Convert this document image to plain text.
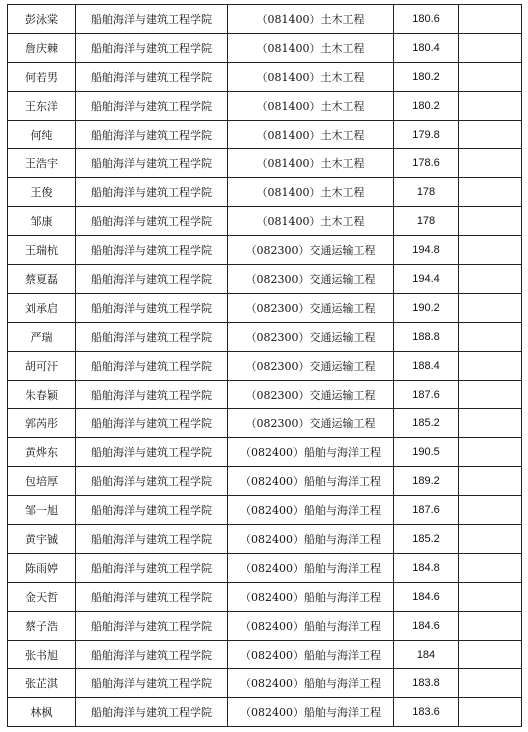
彭泳棠	船舶海洋与建筑工程学院	（081400）土木工程	180.6	
詹庆棘	船舶海洋与建筑工程学院	（081400）土木工程	180.4	
何若男	船舶海洋与建筑工程学院	（081400）土木工程	180.2	
王东洋	船舶海洋与建筑工程学院	（081400）土木工程	180.2	
何纯	船舶海洋与建筑工程学院	（081400）土木工程	179.8	
王浩宇	船舶海洋与建筑工程学院	（081400）土木工程	178.6	
王俊	船舶海洋与建筑工程学院	（081400）土木工程	178	
邹康	船舶海洋与建筑工程学院	（081400）土木工程	178	
王瑞杭	船舶海洋与建筑工程学院	（082300）交通运输工程	194.8	
蔡夏磊	船舶海洋与建筑工程学院	（082300）交通运输工程	194.4	
刘承启	船舶海洋与建筑工程学院	（082300）交通运输工程	190.2	
严瑞	船舶海洋与建筑工程学院	（082300）交通运输工程	188.8	
胡可汗	船舶海洋与建筑工程学院	（082300）交通运输工程	188.4	
朱春颖	船舶海洋与建筑工程学院	（082300）交通运输工程	187.6	
郭芮彤	船舶海洋与建筑工程学院	（082300）交通运输工程	185.2	
黄烨东	船舶海洋与建筑工程学院	（082400）船舶与海洋工程	190.5	
包培厚	船舶海洋与建筑工程学院	（082400）船舶与海洋工程	189.2	
邹一旭	船舶海洋与建筑工程学院	（082400）船舶与海洋工程	187.6	
黄宇铖	船舶海洋与建筑工程学院	（082400）船舶与海洋工程	185.2	
陈雨婷	船舶海洋与建筑工程学院	（082400）船舶与海洋工程	184.8	
金天哲	船舶海洋与建筑工程学院	（082400）船舶与海洋工程	184.6	
蔡子浩	船舶海洋与建筑工程学院	（082400）船舶与海洋工程	184.6	
张书旭	船舶海洋与建筑工程学院	（082400）船舶与海洋工程	184	
张芷淇	船舶海洋与建筑工程学院	（082400）船舶与海洋工程	183.8	
林枫	船舶海洋与建筑工程学院	（082400）船舶与海洋工程	183.6	
